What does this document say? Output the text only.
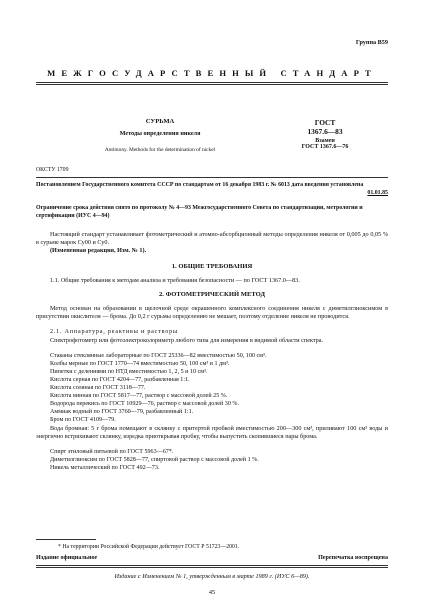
Группа В59
МЕЖГОСУДАРСТВЕННЫЙ СТАНДАРТ
СУРЬМА
Методы определения никеля
Antimony. Methods for the determination of nickel
ГОСТ
1367.6—83
Взамен
ГОСТ 1367.6—76
ОКСТУ 1709
Постановлением Государственного комитета СССР по стандартам от 16 декабря 1983 г. № 6013 дата введения установлена
01.01.85
Ограничение срока действия снято по протоколу № 4—93 Межгосударственного Совета по стандартизации, метрологии и сертификации (ИУС 4—94)
Настоящий стандарт устанавливает фотометрический и атомно-абсорбционный методы определения никеля от 0,005 до 0,05 % в сурьме марок Су00 и Су0.
(Измененная редакция, Изм. № 1).
1. ОБЩИЕ ТРЕБОВАНИЯ
1.1. Общие требования к методам анализа и требования безопасности — по ГОСТ 1367.0—83.
2. ФОТОМЕТРИЧЕСКИЙ МЕТОД
Метод основан на образовании в щелочной среде окрашенного комплексного соединения никеля с диметилглиоксимом в присутствии окислителя — брома. До 0,2 г сурьмы определению не мешает, поэтому отделение никеля не проводится.
2.1. Аппаратура, реактивы и растворы
Спектрофотометр или фотоэлектроколориметр любого типа для измерения в видимой области спектра.
Стаканы стеклянные лабораторные по ГОСТ 25336—82 вместимостью 50, 100 см³.
Колбы мерные по ГОСТ 1770—74 вместимостью 50, 100 см³ и 1 дм³.
Пипетки с делениями по НТД вместимостью 1, 2, 5 и 10 см³.
Кислота серная по ГОСТ 4204—77, разбавленная 1:1.
Кислота соляная по ГОСТ 3118—77.
Кислота винная по ГОСТ 5817—77, раствор с массовой долей 25 %.
Водорода перекись по ГОСТ 10929—76, раствор с массовой долей 30 %.
Аммиак водный по ГОСТ 3760—79, разбавленный 1:1.
Бром по ГОСТ 4109—79.
Вода бромная: 5 г брома помещают в склянку с притертой пробкой вместимостью 200—300 см³, приливают 100 см³ воды и энергично встряхивают склянку, изредка приоткрывая пробку, чтобы выпустить скопившиеся пары брома.
Спирт этиловый питьевой по ГОСТ 5963—67*.
Диметилглиоксим по ГОСТ 5828—77, спиртовой раствор с массовой долей 1 %.
Никель металлический по ГОСТ 492—73.
* На территории Российской Федерации действует ГОСТ Р 51723—2001.
Издание официальное	Перепечатка воспрещена
Издание с Изменением № 1, утвержденным в марте 1989 г. (ИУС 6—89).
45
